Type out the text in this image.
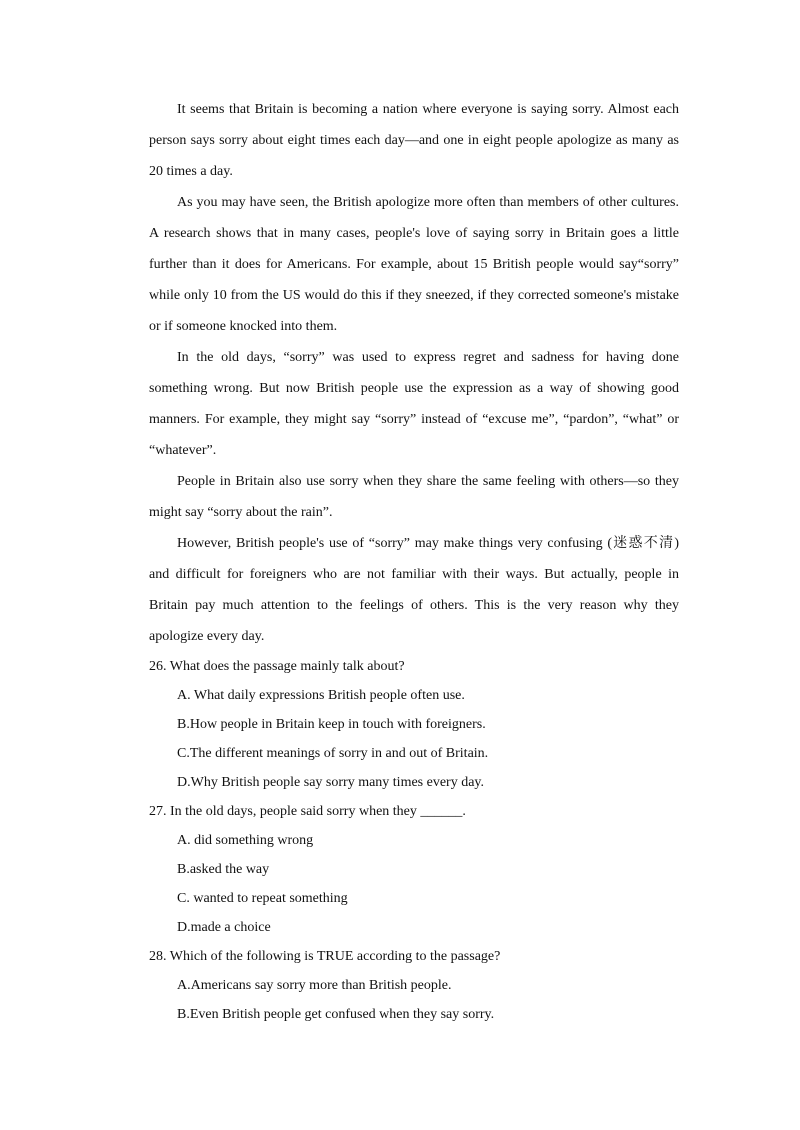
It seems that Britain is becoming a nation where everyone is saying sorry. Almost each person says sorry about eight times each day—and one in eight people apologize as many as 20 times a day.

As you may have seen, the British apologize more often than members of other cultures. A research shows that in many cases, people's love of saying sorry in Britain goes a little further than it does for Americans. For example, about 15 British people would say“sorry” while only 10 from the US would do this if they sneezed, if they corrected someone's mistake or if someone knocked into them.

In the old days, “sorry” was used to express regret and sadness for having done something wrong. But now British people use the expression as a way of showing good manners. For example, they might say “sorry” instead of “excuse me”, “pardon”, “what” or “whatever”.

People in Britain also use sorry when they share the same feeling with others—so they might say “sorry about the rain”.

However, British people's use of “sorry” may make things very confusing (迷惑不清) and difficult for foreigners who are not familiar with their ways. But actually, people in Britain pay much attention to the feelings of others. This is the very reason why they apologize every day.

26. What does the passage mainly talk about?

A. What daily expressions British people often use.

B.How people in Britain keep in touch with foreigners.

C.The different meanings of sorry in and out of Britain.

D.Why British people say sorry many times every day.

27. In the old days, people said sorry when they ______.

A. did something wrong

B.asked the way

C. wanted to repeat something

D.made a choice

28. Which of the following is TRUE according to the passage?

A.Americans say sorry more than British people.

B.Even British people get confused when they say sorry.
